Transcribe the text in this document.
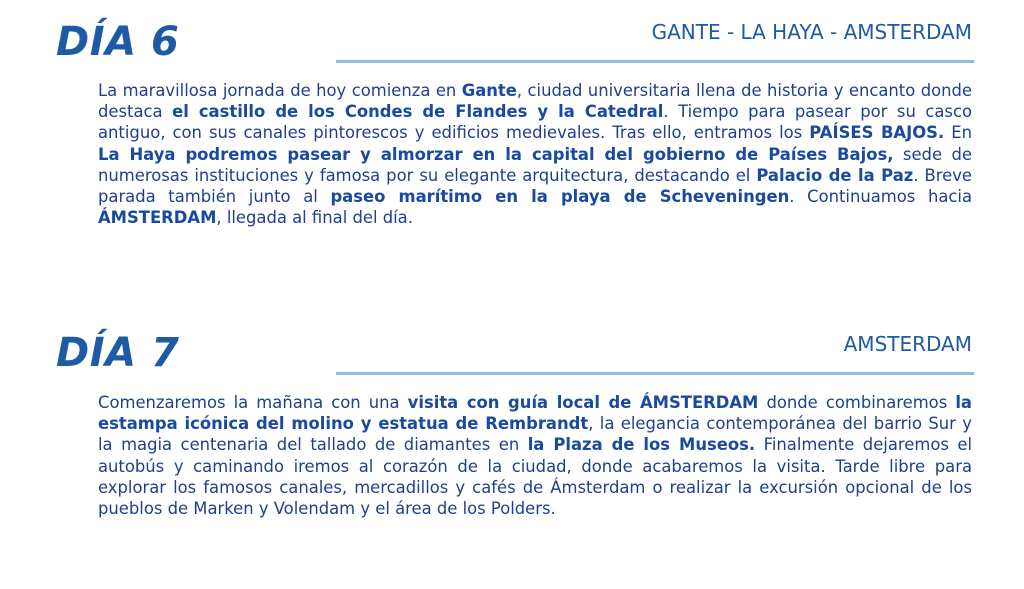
DÍA 6	GANTE - LA HAYA - AMSTERDAM

La maravillosa jornada de hoy comienza en Gante, ciudad universitaria llena de historia y encanto donde destaca el castillo de los Condes de Flandes y la Catedral. Tiempo para pasear por su casco antiguo, con sus canales pintorescos y edificios medievales. Tras ello, entramos los PAÍSES BAJOS. En La Haya podremos pasear y almorzar en la capital del gobierno de Países Bajos, sede de numerosas instituciones y famosa por su elegante arquitectura, destacando el Palacio de la Paz. Breve parada también junto al paseo marítimo en la playa de Scheveningen. Continuamos hacia ÁMSTERDAM, llegada al final del día.

DÍA 7	AMSTERDAM

Comenzaremos la mañana con una visita con guía local de ÁMSTERDAM donde combinaremos la estampa icónica del molino y estatua de Rembrandt, la elegancia contemporánea del barrio Sur y la magia centenaria del tallado de diamantes en la Plaza de los Museos. Finalmente dejaremos el autobús y caminando iremos al corazón de la ciudad, donde acabaremos la visita. Tarde libre para explorar los famosos canales, mercadillos y cafés de Ámsterdam o realizar la excursión opcional de los pueblos de Marken y Volendam y el área de los Polders.
